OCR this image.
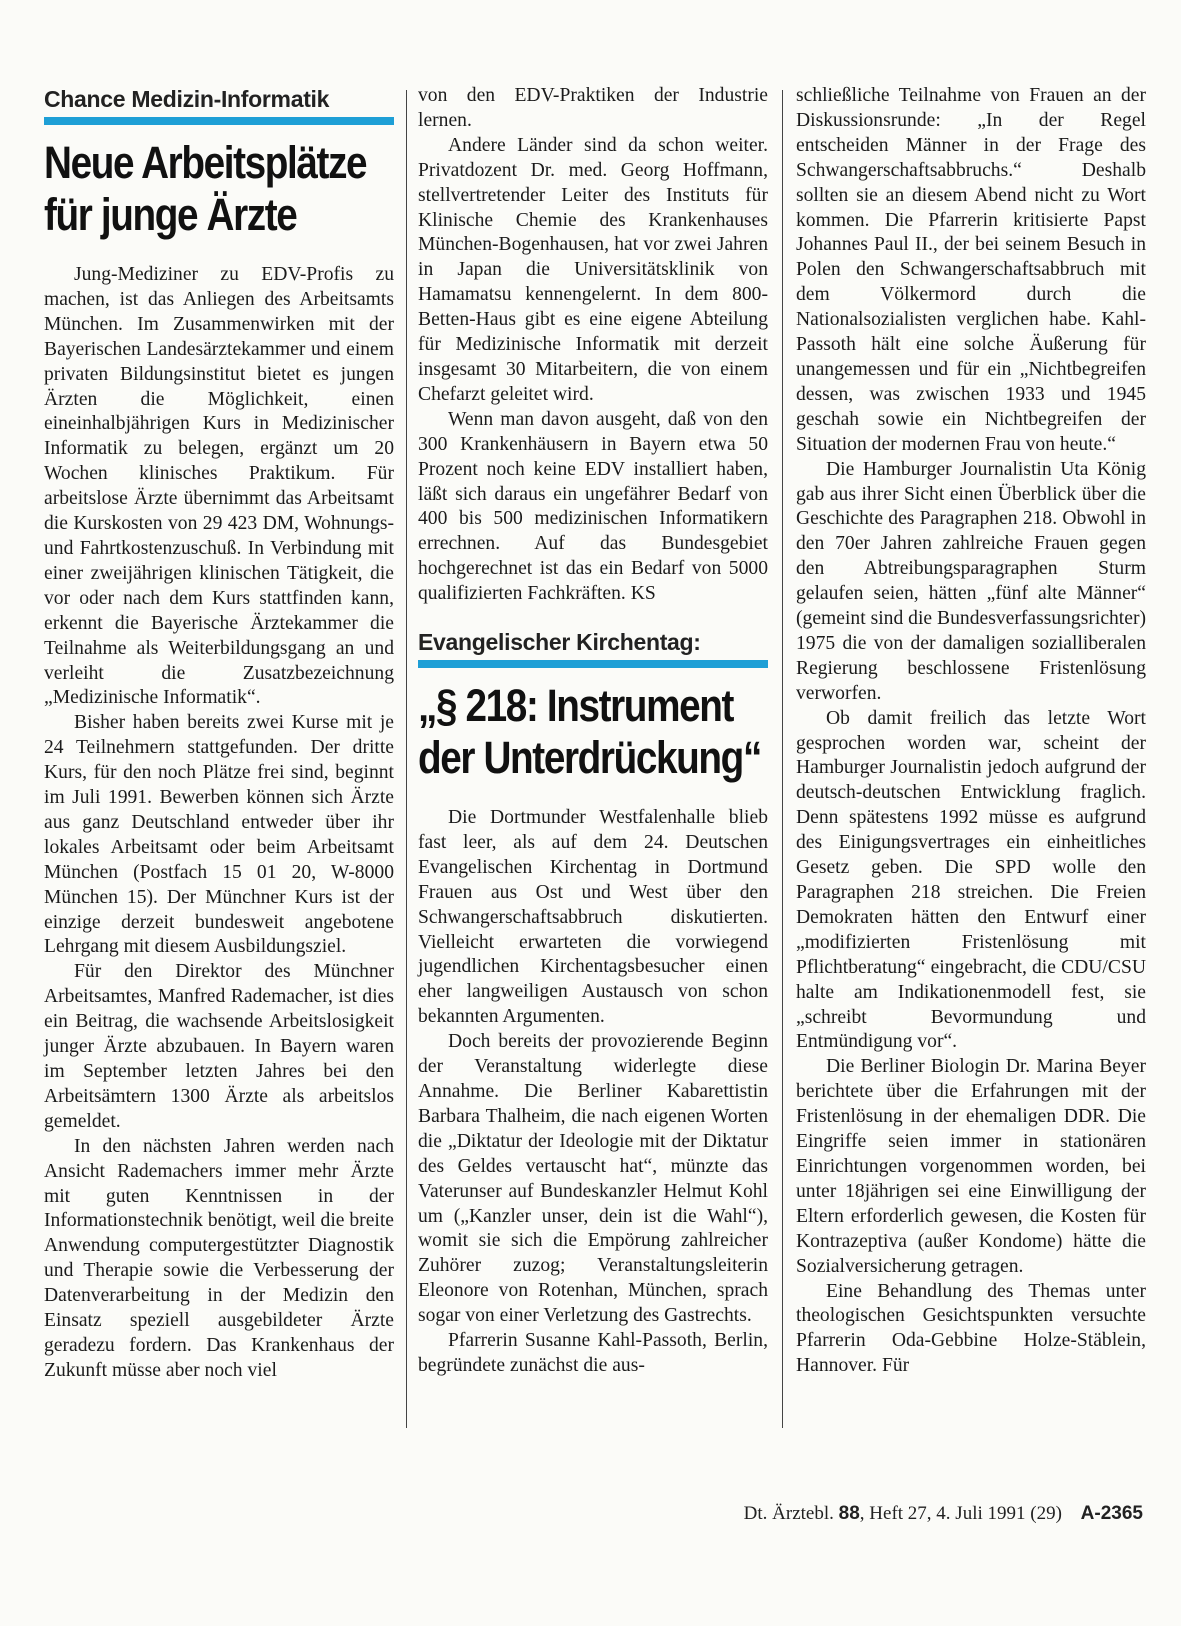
Chance Medizin-Informatik
Neue Arbeitsplätze für junge Ärzte

Jung-Mediziner zu EDV-Profis zu machen, ist das Anliegen des Arbeitsamts München. Im Zusammenwirken mit der Bayerischen Landesärztekammer und einem privaten Bildungsinstitut bietet es jungen Ärzten die Möglichkeit, einen eineinhalbjährigen Kurs in Medizinischer Informatik zu belegen, ergänzt um 20 Wochen klinisches Praktikum. Für arbeitslose Ärzte übernimmt das Arbeitsamt die Kurskosten von 29 423 DM, Wohnungs- und Fahrtkostenzuschuß. In Verbindung mit einer zweijährigen klinischen Tätigkeit, die vor oder nach dem Kurs stattfinden kann, erkennt die Bayerische Ärztekammer die Teilnahme als Weiterbildungsgang an und verleiht die Zusatzbezeichnung „Medizinische Informatik“.

Bisher haben bereits zwei Kurse mit je 24 Teilnehmern stattgefunden. Der dritte Kurs, für den noch Plätze frei sind, beginnt im Juli 1991. Bewerben können sich Ärzte aus ganz Deutschland entweder über ihr lokales Arbeitsamt oder beim Arbeitsamt München (Postfach 15 01 20, W-8000 München 15). Der Münchner Kurs ist der einzige derzeit bundesweit angebotene Lehrgang mit diesem Ausbildungsziel.

Für den Direktor des Münchner Arbeitsamtes, Manfred Rademacher, ist dies ein Beitrag, die wachsende Arbeitslosigkeit junger Ärzte abzubauen. In Bayern waren im September letzten Jahres bei den Arbeitsämtern 1300 Ärzte als arbeitslos gemeldet.

In den nächsten Jahren werden nach Ansicht Rademachers immer mehr Ärzte mit guten Kenntnissen in der Informationstechnik benötigt, weil die breite Anwendung computergestützter Diagnostik und Therapie sowie die Verbesserung der Datenverarbeitung in der Medizin den Einsatz speziell ausgebildeter Ärzte geradezu fordern. Das Krankenhaus der Zukunft müsse aber noch viel

von den EDV-Praktiken der Industrie lernen.

Andere Länder sind da schon weiter. Privatdozent Dr. med. Georg Hoffmann, stellvertretender Leiter des Instituts für Klinische Chemie des Krankenhauses München-Bogenhausen, hat vor zwei Jahren in Japan die Universitätsklinik von Hamamatsu kennengelernt. In dem 800-Betten-Haus gibt es eine eigene Abteilung für Medizinische Informatik mit derzeit insgesamt 30 Mitarbeitern, die von einem Chefarzt geleitet wird.

Wenn man davon ausgeht, daß von den 300 Krankenhäusern in Bayern etwa 50 Prozent noch keine EDV installiert haben, läßt sich daraus ein ungefährer Bedarf von 400 bis 500 medizinischen Informatikern errechnen. Auf das Bundesgebiet hochgerechnet ist das ein Bedarf von 5000 qualifizierten Fachkräften. KS

Evangelischer Kirchentag:
„§ 218: Instrument der Unterdrückung“

Die Dortmunder Westfalenhalle blieb fast leer, als auf dem 24. Deutschen Evangelischen Kirchentag in Dortmund Frauen aus Ost und West über den Schwangerschaftsabbruch diskutierten. Vielleicht erwarteten die vorwiegend jugendlichen Kirchentagsbesucher einen eher langweiligen Austausch von schon bekannten Argumenten.

Doch bereits der provozierende Beginn der Veranstaltung widerlegte diese Annahme. Die Berliner Kabarettistin Barbara Thalheim, die nach eigenen Worten die „Diktatur der Ideologie mit der Diktatur des Geldes vertauscht hat“, münzte das Vaterunser auf Bundeskanzler Helmut Kohl um („Kanzler unser, dein ist die Wahl“), womit sie sich die Empörung zahlreicher Zuhörer zuzog; Veranstaltungsleiterin Eleonore von Rotenhan, München, sprach sogar von einer Verletzung des Gastrechts.

Pfarrerin Susanne Kahl-Passoth, Berlin, begründete zunächst die aus-

schließliche Teilnahme von Frauen an der Diskussionsrunde: „In der Regel entscheiden Männer in der Frage des Schwangerschaftsabbruchs.“ Deshalb sollten sie an diesem Abend nicht zu Wort kommen. Die Pfarrerin kritisierte Papst Johannes Paul II., der bei seinem Besuch in Polen den Schwangerschaftsabbruch mit dem Völkermord durch die Nationalsozialisten verglichen habe. Kahl-Passoth hält eine solche Äußerung für unangemessen und für ein „Nichtbegreifen dessen, was zwischen 1933 und 1945 geschah sowie ein Nichtbegreifen der Situation der modernen Frau von heute.“

Die Hamburger Journalistin Uta König gab aus ihrer Sicht einen Überblick über die Geschichte des Paragraphen 218. Obwohl in den 70er Jahren zahlreiche Frauen gegen den Abtreibungsparagraphen Sturm gelaufen seien, hätten „fünf alte Männer“ (gemeint sind die Bundesverfassungsrichter) 1975 die von der damaligen sozialliberalen Regierung beschlossene Fristenlösung verworfen.

Ob damit freilich das letzte Wort gesprochen worden war, scheint der Hamburger Journalistin jedoch aufgrund der deutsch-deutschen Entwicklung fraglich. Denn spätestens 1992 müsse es aufgrund des Einigungsvertrages ein einheitliches Gesetz geben. Die SPD wolle den Paragraphen 218 streichen. Die Freien Demokraten hätten den Entwurf einer „modifizierten Fristenlösung mit Pflichtberatung“ eingebracht, die CDU/CSU halte am Indikationenmodell fest, sie „schreibt Bevormundung und Entmündigung vor“.

Die Berliner Biologin Dr. Marina Beyer berichtete über die Erfahrungen mit der Fristenlösung in der ehemaligen DDR. Die Eingriffe seien immer in stationären Einrichtungen vorgenommen worden, bei unter 18jährigen sei eine Einwilligung der Eltern erforderlich gewesen, die Kosten für Kontrazeptiva (außer Kondome) hätte die Sozialversicherung getragen.

Eine Behandlung des Themas unter theologischen Gesichtspunkten versuchte Pfarrerin Oda-Gebbine Holze-Stäblein, Hannover. Für

Dt. Ärztebl. 88, Heft 27, 4. Juli 1991 (29) A-2365
